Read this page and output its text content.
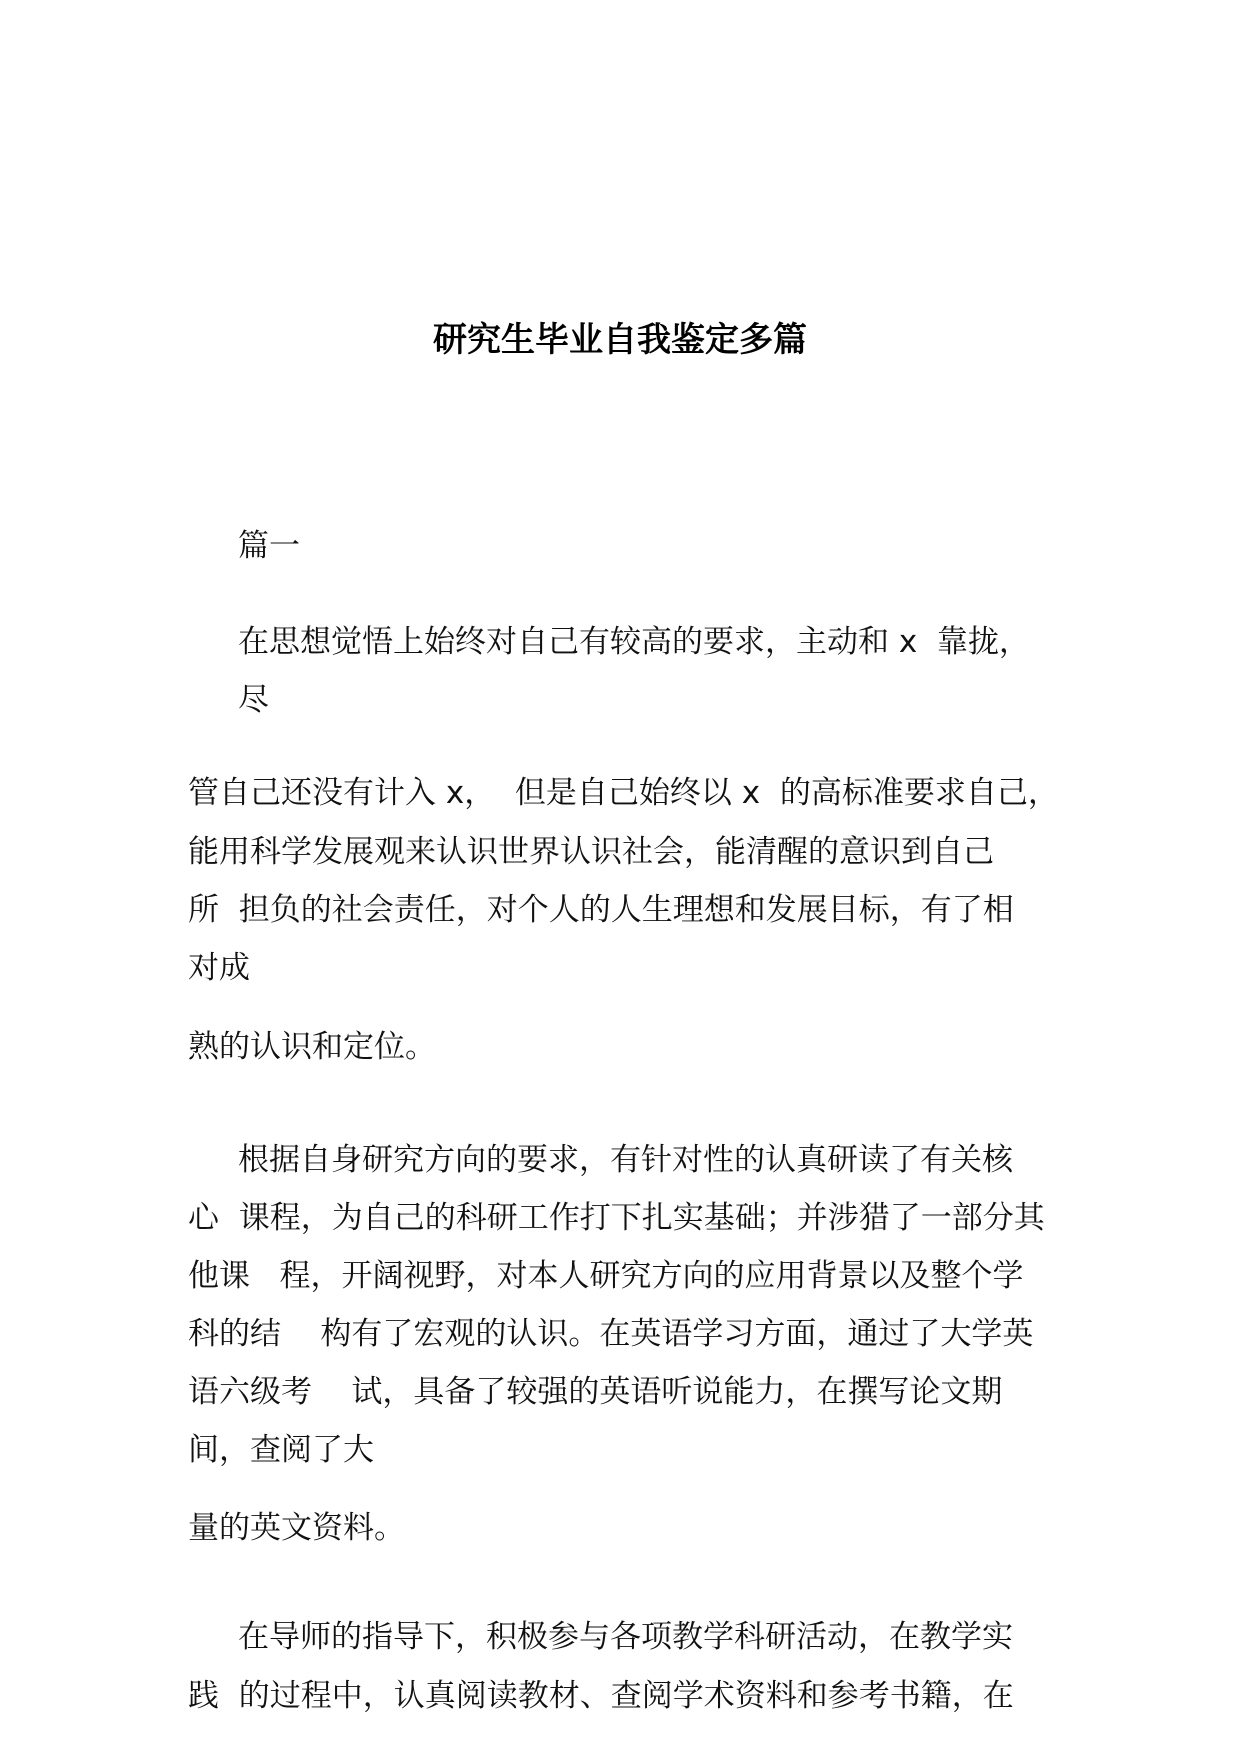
研究生毕业自我鉴定多篇
篇一
在思想觉悟上始终对自己有较高的要求，主动和 x  靠拢，
尽
管自己还没有计入 x，  但是自己始终以 x  的高标准要求自己，
能用科学发展观来认识世界认识社会，能清醒的意识到自己
所  担负的社会责任，对个人的人生理想和发展目标，有了相
对成
熟的认识和定位。
根据自身研究方向的要求，有针对性的认真研读了有关核
心  课程，为自己的科研工作打下扎实基础；并涉猎了一部分其
他课   程，开阔视野，对本人研究方向的应用背景以及整个学
科的结    构有了宏观的认识。在英语学习方面，通过了大学英
语六级考    试，具备了较强的英语听说能力，在撰写论文期
间，查阅了大
量的英文资料。
在导师的指导下，积极参与各项教学科研活动，在教学实
践  的过程中，认真阅读教材、查阅学术资料和参考书籍，在
